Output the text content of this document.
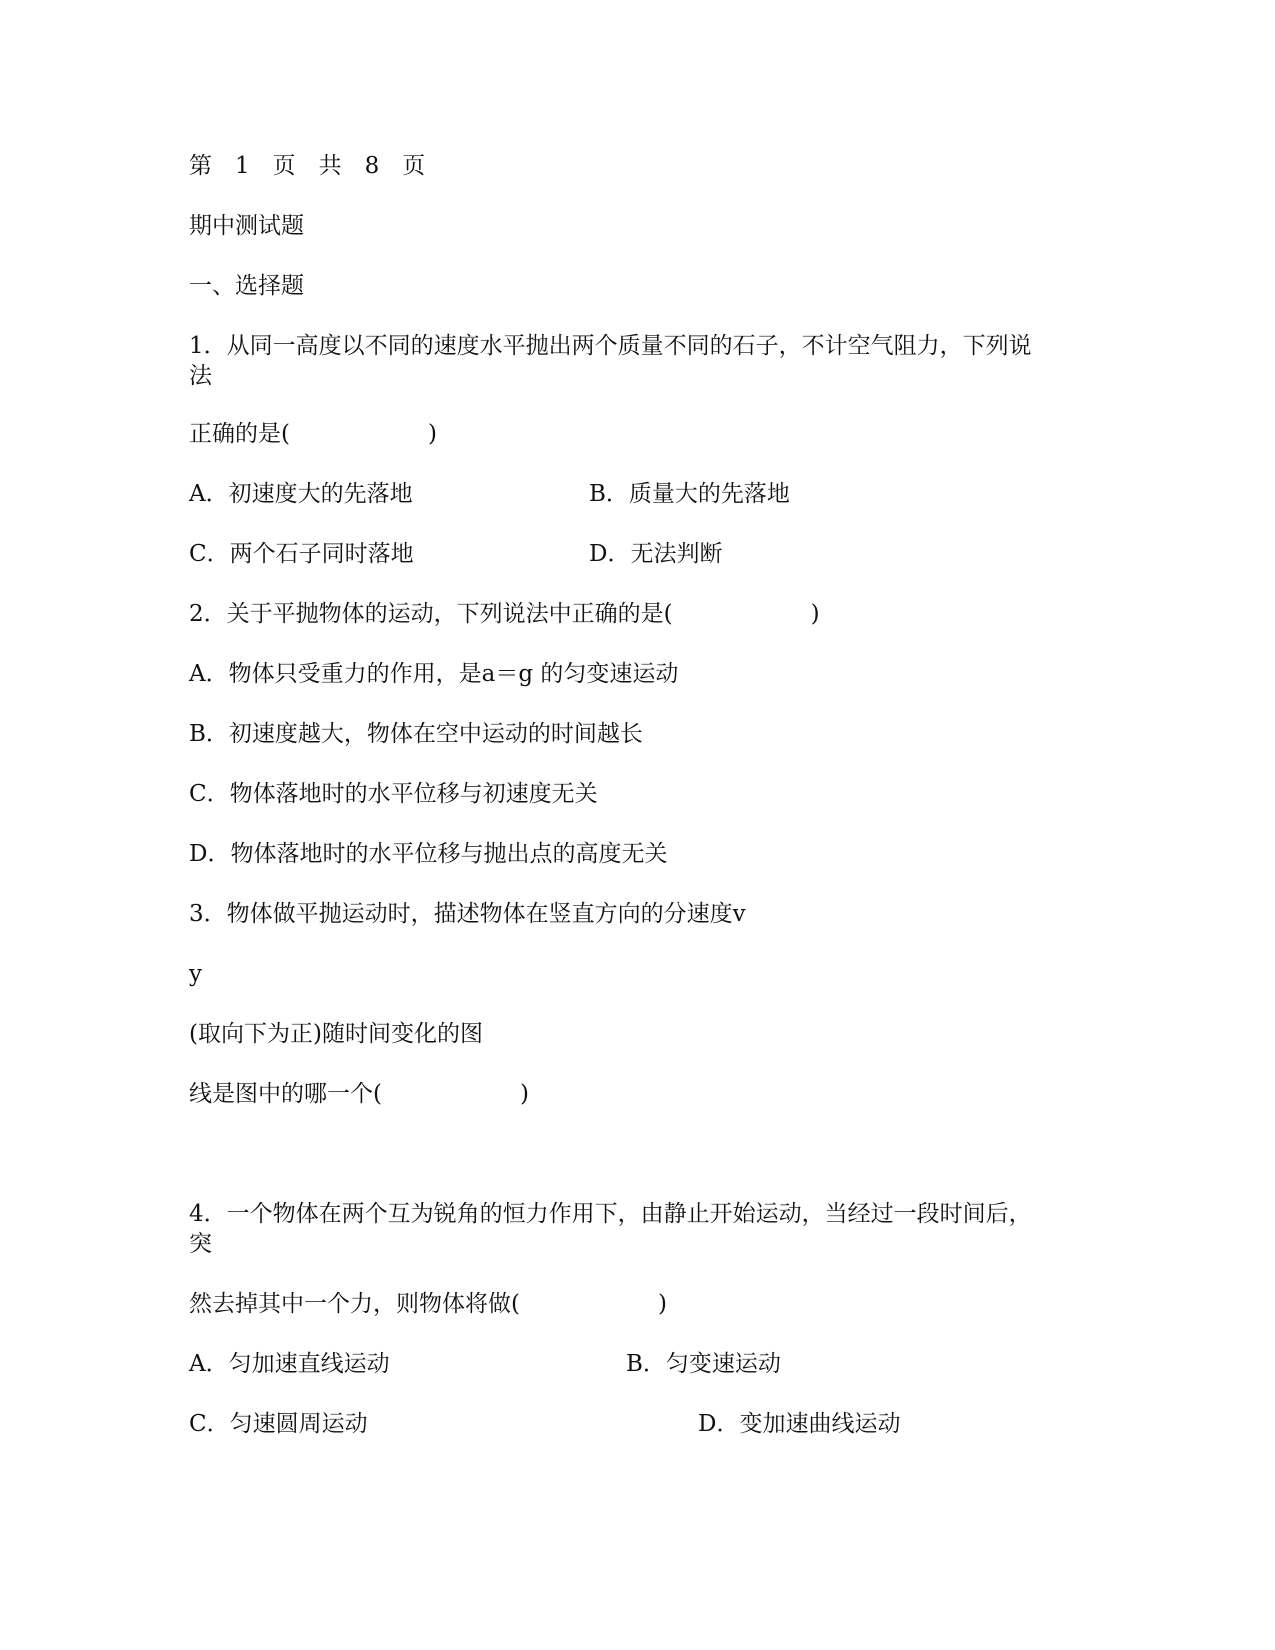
第　1　页　共　8　页
期中测试题
一、选择题
1．从同一高度以不同的速度水平抛出两个质量不同的石子，不计空气阻力，下列说
法
正确的是(　　　　　　)
A．初速度大的先落地	B．质量大的先落地
C．两个石子同时落地	D．无法判断
2．关于平抛物体的运动，下列说法中正确的是(　　　　　　)
A．物体只受重力的作用，是a＝g 的匀变速运动
B．初速度越大，物体在空中运动的时间越长
C．物体落地时的水平位移与初速度无关
D．物体落地时的水平位移与抛出点的高度无关
3．物体做平抛运动时，描述物体在竖直方向的分速度v
y
(取向下为正)随时间变化的图
线是图中的哪一个(　　　　　　)
4．一个物体在两个互为锐角的恒力作用下，由静止开始运动，当经过一段时间后，
突
然去掉其中一个力，则物体将做(　　　　　　)
A．匀加速直线运动	B．匀变速运动
C．匀速圆周运动	D．变加速曲线运动
